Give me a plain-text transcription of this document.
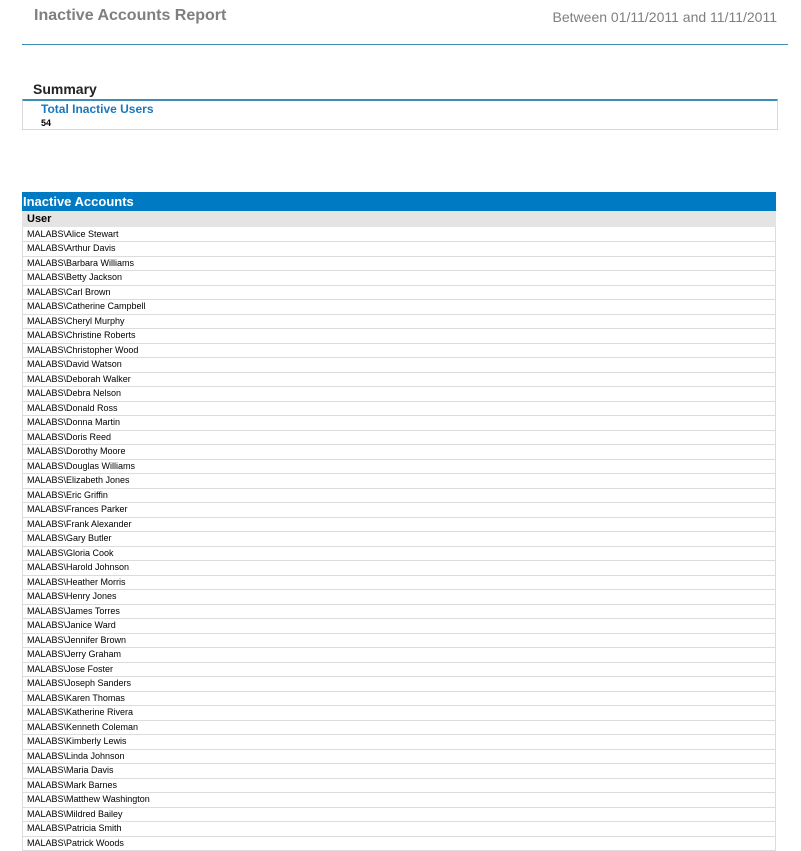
Inactive Accounts Report	Between 01/11/2011 and 11/11/2011
Summary
Total Inactive Users
54
Inactive Accounts
User
MALABS\Alice Stewart
MALABS\Arthur Davis
MALABS\Barbara Williams
MALABS\Betty Jackson
MALABS\Carl Brown
MALABS\Catherine Campbell
MALABS\Cheryl Murphy
MALABS\Christine Roberts
MALABS\Christopher Wood
MALABS\David Watson
MALABS\Deborah Walker
MALABS\Debra Nelson
MALABS\Donald Ross
MALABS\Donna Martin
MALABS\Doris Reed
MALABS\Dorothy Moore
MALABS\Douglas Williams
MALABS\Elizabeth Jones
MALABS\Eric Griffin
MALABS\Frances Parker
MALABS\Frank Alexander
MALABS\Gary Butler
MALABS\Gloria Cook
MALABS\Harold Johnson
MALABS\Heather Morris
MALABS\Henry Jones
MALABS\James Torres
MALABS\Janice Ward
MALABS\Jennifer Brown
MALABS\Jerry Graham
MALABS\Jose Foster
MALABS\Joseph Sanders
MALABS\Karen Thomas
MALABS\Katherine Rivera
MALABS\Kenneth Coleman
MALABS\Kimberly Lewis
MALABS\Linda Johnson
MALABS\Maria Davis
MALABS\Mark Barnes
MALABS\Matthew Washington
MALABS\Mildred Bailey
MALABS\Patricia Smith
MALABS\Patrick Woods
